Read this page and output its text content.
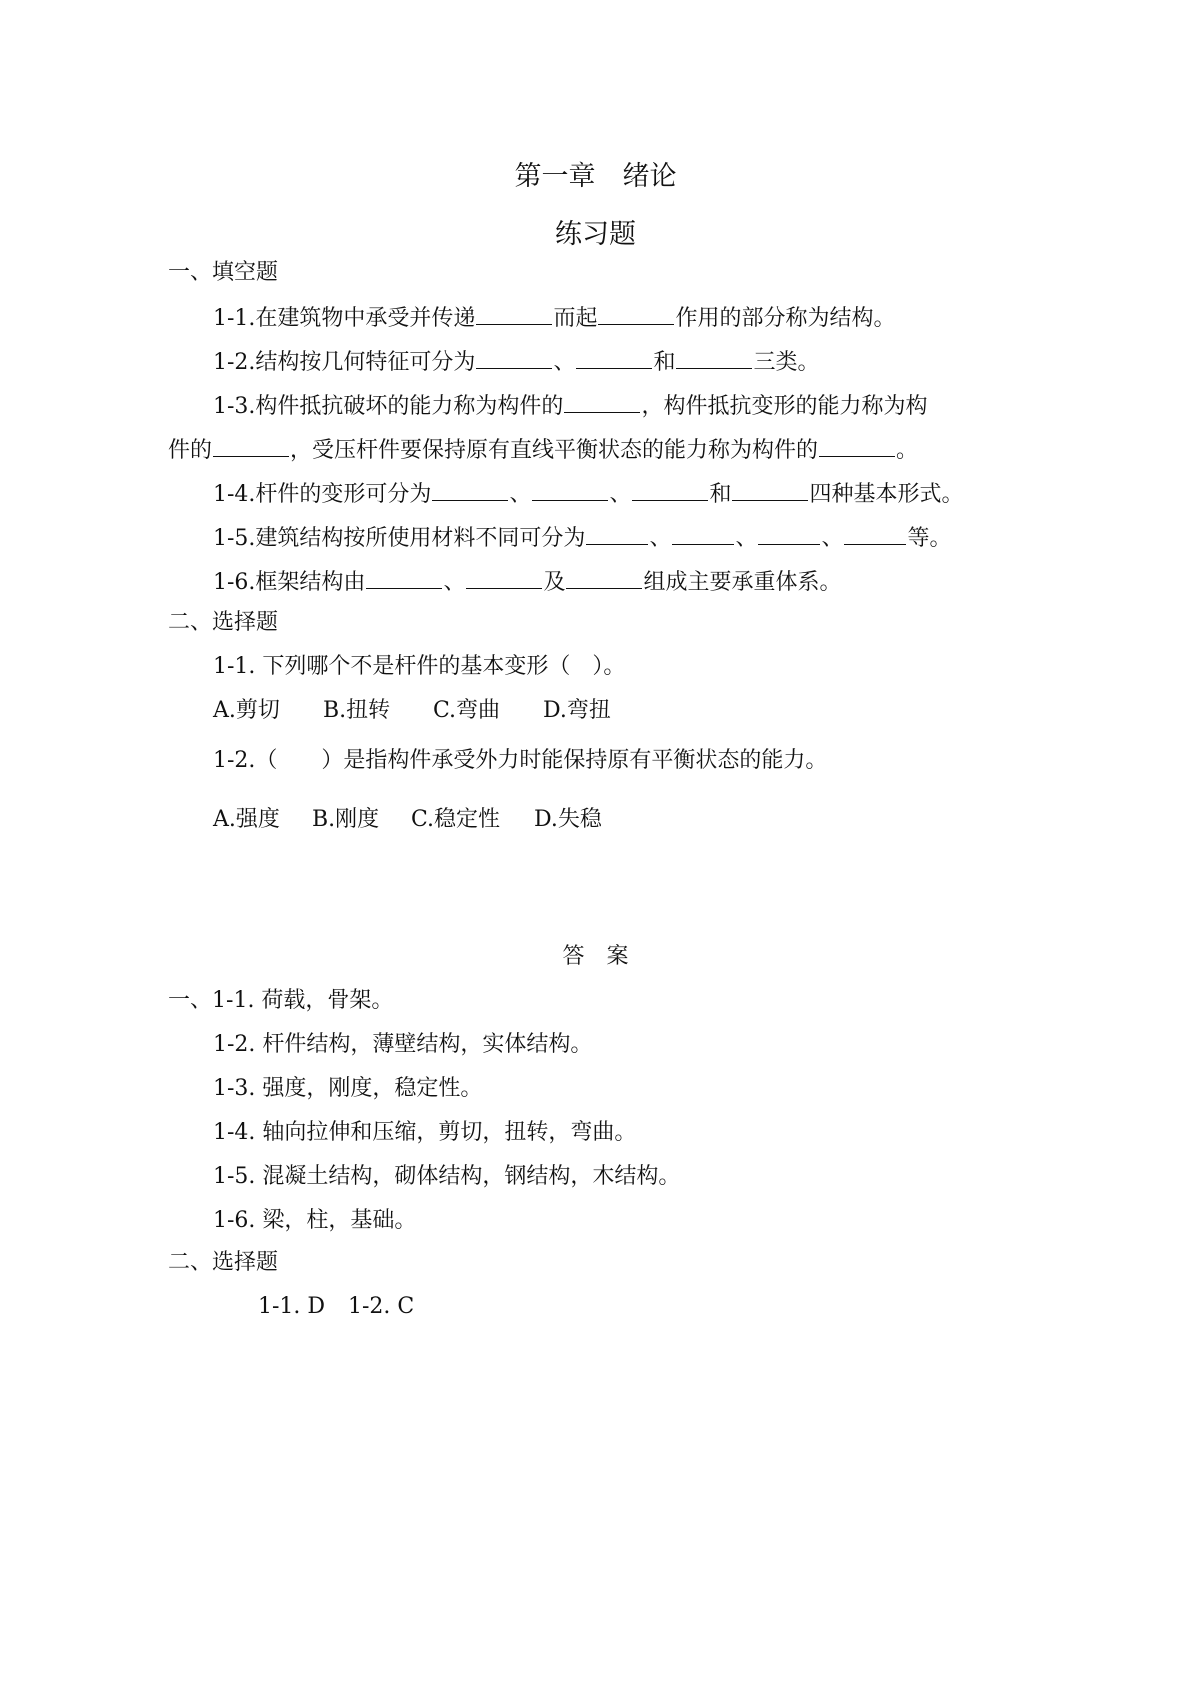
第一章　绪论
练习题
一、填空题
1-1.在建筑物中承受并传递	而起	作用的部分称为结构。
1-2.结构按几何特征可分为	、	和	三类。
1-3.构件抵抗破坏的能力称为构件的	，构件抵抗变形的能力称为构
件的	，受压杆件要保持原有直线平衡状态的能力称为构件的	。
1-4.杆件的变形可分为	、	、	和	四种基本形式。
1-5.建筑结构按所使用材料不同可分为	、	、	、	等。
1-6.框架结构由	、	及	组成主要承重体系。
二、选择题
1-1. 下列哪个不是杆件的基本变形（　）。
A.剪切 B.扭转 C.弯曲 D.弯扭
1-2.（　　）是指构件承受外力时能保持原有平衡状态的能力。
A.强度 B.刚度 C.稳定性 D.失稳
答　案
一、1-1. 荷载，骨架。
1-2. 杆件结构，薄壁结构，实体结构。
1-3. 强度，刚度，稳定性。
1-4. 轴向拉伸和压缩，剪切，扭转，弯曲。
1-5. 混凝土结构，砌体结构，钢结构，木结构。
1-6. 梁，柱，基础。
二、选择题
1-1. D 1-2. C
